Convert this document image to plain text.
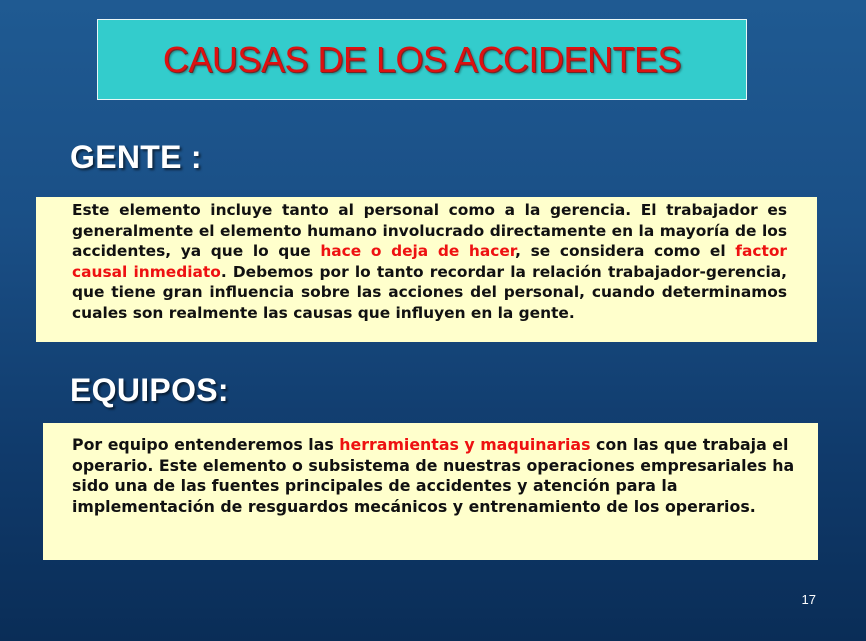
CAUSAS DE LOS ACCIDENTES
GENTE :

Este elemento incluye tanto al personal como a la gerencia. El trabajador es generalmente el elemento humano involucrado directamente en la mayoría de los accidentes, ya que lo que hace o deja de hacer, se considera como el factor causal inmediato. Debemos por lo tanto recordar la relación trabajador-gerencia, que tiene gran influencia sobre las acciones del personal, cuando determinamos cuales son realmente las causas que influyen en la gente.

EQUIPOS:

Por equipo entenderemos las herramientas y maquinarias con las que trabaja el operario. Este elemento o subsistema de nuestras operaciones empresariales ha sido una de las fuentes principales de accidentes y atención para la implementación de resguardos mecánicos y entrenamiento de los operarios.

17
